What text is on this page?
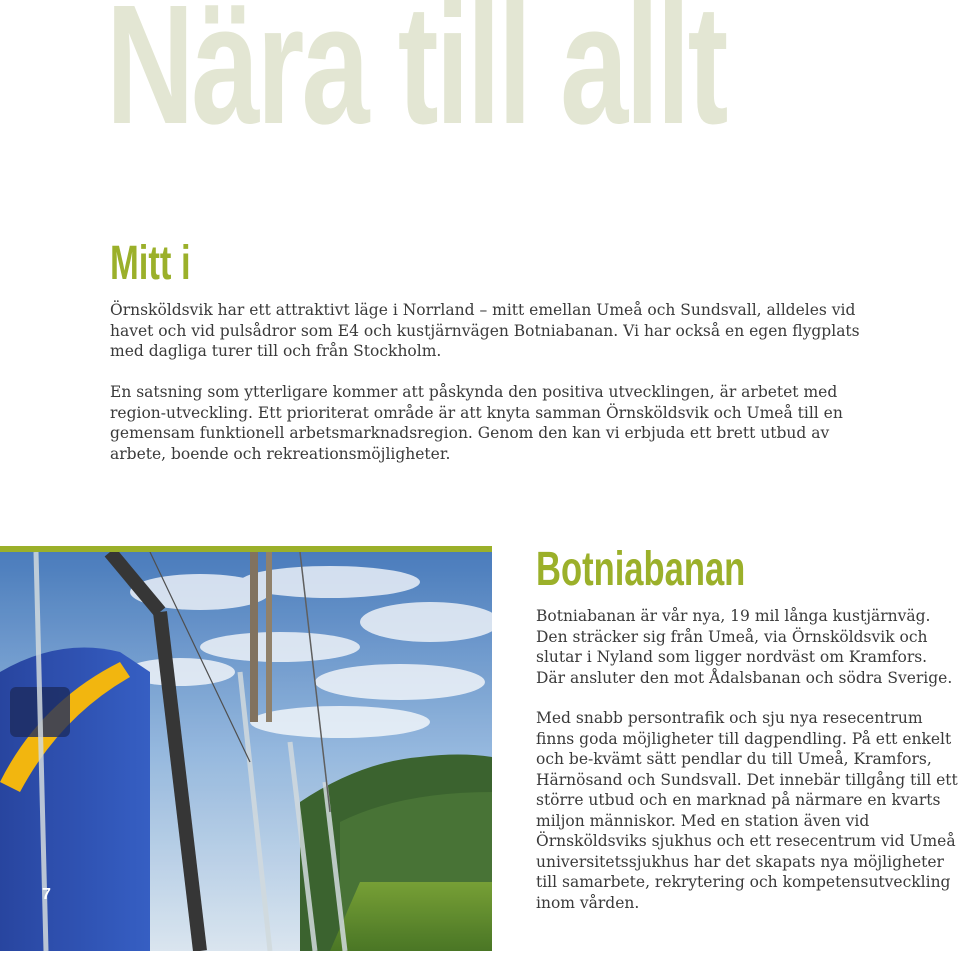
Nära till allt
Mitt i

Örnsköldsvik har ett attraktivt läge i Norrland – mitt emellan Umeå och Sundsvall, alldeles vid havet och vid pulsådror som E4 och kustjärnvägen Botniabanan. Vi har också en egen flygplats med dagliga turer till och från Stockholm.

En satsning som ytterligare kommer att påskynda den positiva utvecklingen, är arbetet med region-utveckling. Ett prioriterat område är att knyta samman Örnsköldsvik och Umeå till en gemensam funktionell arbetsmarknadsregion. Genom den kan vi erbjuda ett brett utbud av arbete, boende och rekreationsmöjligheter.

7
Botniabanan

Botniabanan är vår nya, 19 mil långa kustjärnväg. Den sträcker sig från Umeå, via Örnsköldsvik och slutar i Nyland som ligger nordväst om Kramfors. Där ansluter den mot Ådalsbanan och södra Sverige.

Med snabb persontrafik och sju nya resecentrum finns goda möjligheter till dagpendling. På ett enkelt och be-kvämt sätt pendlar du till Umeå, Kramfors, Härnösand och Sundsvall. Det innebär tillgång till ett större utbud och en marknad på närmare en kvarts miljon människor. Med en station även vid Örnsköldsviks sjukhus och ett resecentrum vid Umeå universitetssjukhus har det skapats nya möjligheter till samarbete, rekrytering och kompetensutveckling inom vården.
